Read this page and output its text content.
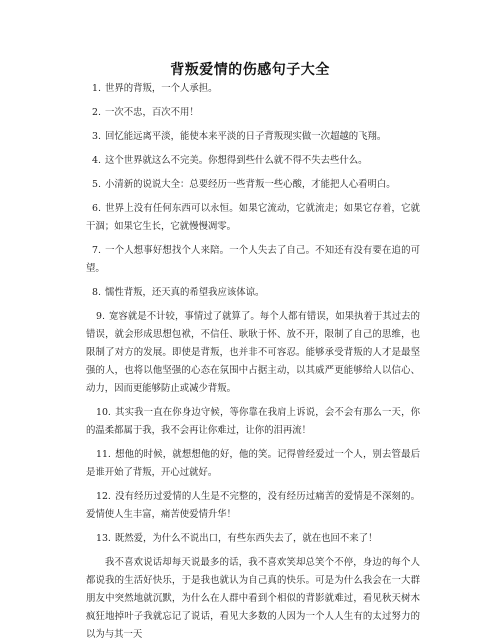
背叛爱情的伤感句子大全

1. 世界的背叛，一个人承担。

2. 一次不忠，百次不用！

3. 回忆能远离平淡，能使本来平淡的日子背叛现实做一次超越的飞翔。

4. 这个世界就这么不完美。你想得到些什么就不得不失去些什么。

5. 小清新的说说大全：总要经历一些背叛一些心酸，才能把人心看明白。

6. 世界上没有任何东西可以永恒。如果它流动，它就流走；如果它存着，它就干涸；如果它生长，它就慢慢凋零。

7. 一个人想事好想找个人来陪。一个人失去了自己。不知还有没有要在追的可望。

8. 懦性背叛，还天真的希望我应该体谅。

9. 宽容就是不计较，事情过了就算了。每个人都有错误，如果执着于其过去的错误，就会形成思想包袱，不信任、耿耿于怀、放不开，限制了自己的思维，也限制了对方的发展。即使是背叛，也并非不可容忍。能够承受背叛的人才是最坚强的人，也将以他坚强的心态在氛围中占据主动，以其威严更能够给人以信心、动力，因而更能够防止或减少背叛。

10. 其实我一直在你身边守候，等你靠在我肩上诉说，会不会有那么一天，你的温柔都属于我，我不会再让你难过，让你的泪再流！

11. 想他的时候，就想想他的好，他的笑。记得曾经爱过一个人，别去管最后是谁开始了背叛，开心过就好。

12. 没有经历过爱情的人生是不完整的，没有经历过痛苦的爱情是不深刻的。爱情使人生丰富，痛苦使爱情升华！

13. 既然爱，为什么不说出口，有些东西失去了，就在也回不来了！

我不喜欢说话却每天说最多的话，我不喜欢笑却总笑个不停，身边的每个人都说我的生活好快乐，于是我也就认为自己真的快乐。可是为什么我会在一大群朋友中突然地就沉默，为什么在人群中看到个相似的背影就难过，看见秋天树木疯狂地掉叶子我就忘记了说话，看见大多数的人因为一个人人生有的太过努力的以为与其一天
